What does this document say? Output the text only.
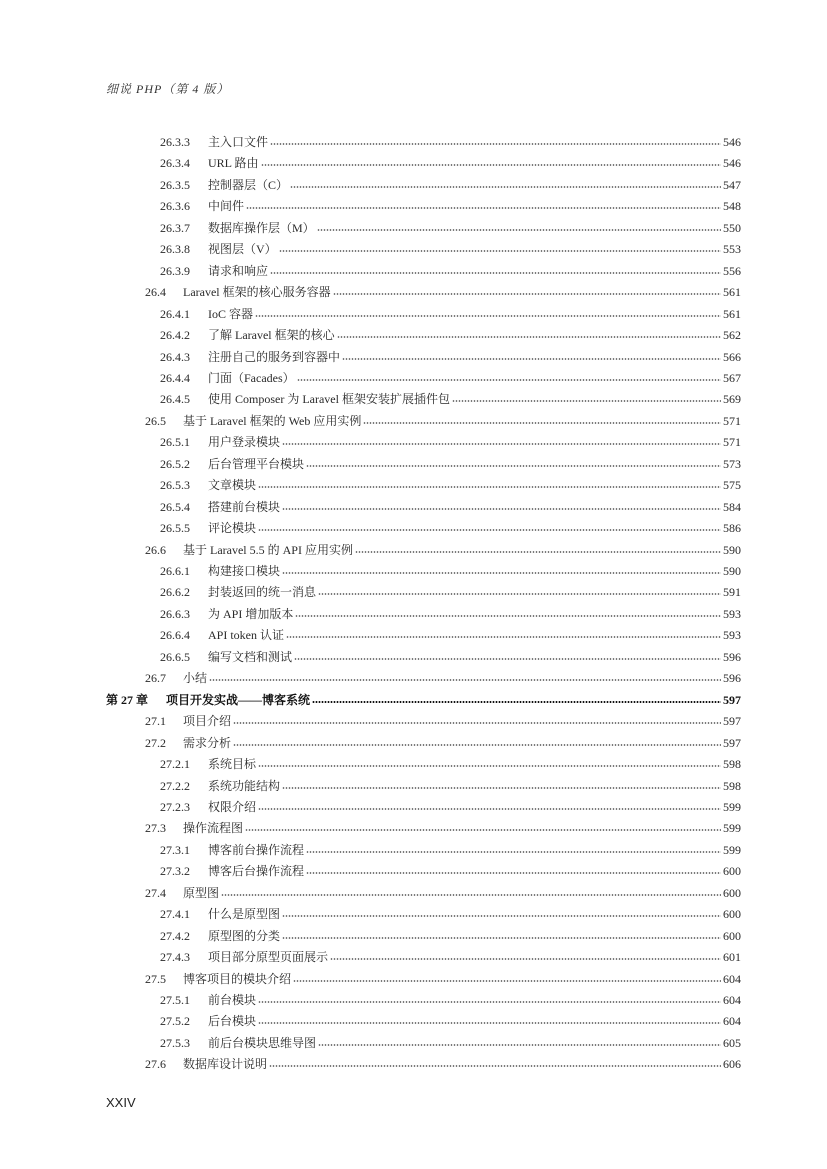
细说 PHP（第 4 版）
26.3.3	主入口文件	546
26.3.4	URL 路由	546
26.3.5	控制器层（C）	547
26.3.6	中间件	548
26.3.7	数据库操作层（M）	550
26.3.8	视图层（V）	553
26.3.9	请求和响应	556
26.4	Laravel 框架的核心服务容器	561
26.4.1	IoC 容器	561
26.4.2	了解 Laravel 框架的核心	562
26.4.3	注册自己的服务到容器中	566
26.4.4	门面（Facades）	567
26.4.5	使用 Composer 为 Laravel 框架安装扩展插件包	569
26.5	基于 Laravel 框架的 Web 应用实例	571
26.5.1	用户登录模块	571
26.5.2	后台管理平台模块	573
26.5.3	文章模块	575
26.5.4	搭建前台模块	584
26.5.5	评论模块	586
26.6	基于 Laravel 5.5 的 API 应用实例	590
26.6.1	构建接口模块	590
26.6.2	封装返回的统一消息	591
26.6.3	为 API 增加版本	593
26.6.4	API token 认证	593
26.6.5	编写文档和测试	596
26.7	小结	596
第 27 章	项目开发实战——博客系统	597
27.1	项目介绍	597
27.2	需求分析	597
27.2.1	系统目标	598
27.2.2	系统功能结构	598
27.2.3	权限介绍	599
27.3	操作流程图	599
27.3.1	博客前台操作流程	599
27.3.2	博客后台操作流程	600
27.4	原型图	600
27.4.1	什么是原型图	600
27.4.2	原型图的分类	600
27.4.3	项目部分原型页面展示	601
27.5	博客项目的模块介绍	604
27.5.1	前台模块	604
27.5.2	后台模块	604
27.5.3	前后台模块思维导图	605
27.6	数据库设计说明	606
XXIV
